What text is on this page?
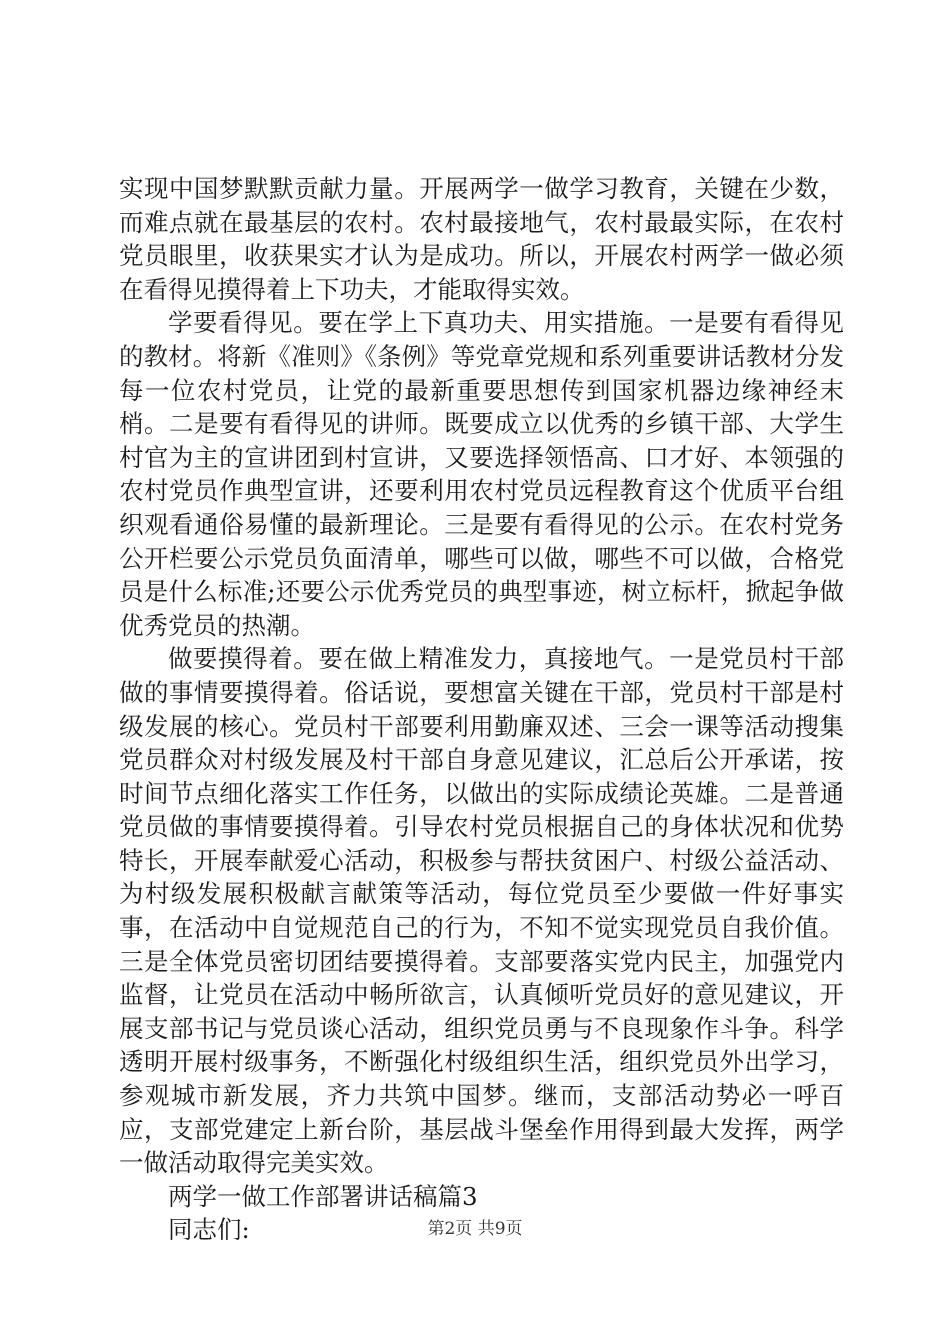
实现中国梦默默贡献力量。开展两学一做学习教育，关键在少数，而难点就在最基层的农村。农村最接地气，农村最最实际，在农村党员眼里，收获果实才认为是成功。所以，开展农村两学一做必须在看得见摸得着上下功夫，才能取得实效。

学要看得见。要在学上下真功夫、用实措施。一是要有看得见的教材。将新《准则》《条例》等党章党规和系列重要讲话教材分发每一位农村党员，让党的最新重要思想传到国家机器边缘神经末梢。二是要有看得见的讲师。既要成立以优秀的乡镇干部、大学生村官为主的宣讲团到村宣讲，又要选择领悟高、口才好、本领强的农村党员作典型宣讲，还要利用农村党员远程教育这个优质平台组织观看通俗易懂的最新理论。三是要有看得见的公示。在农村党务公开栏要公示党员负面清单，哪些可以做，哪些不可以做，合格党员是什么标准;还要公示优秀党员的典型事迹，树立标杆，掀起争做优秀党员的热潮。

做要摸得着。要在做上精准发力，真接地气。一是党员村干部做的事情要摸得着。俗话说，要想富关键在干部，党员村干部是村级发展的核心。党员村干部要利用勤廉双述、三会一课等活动搜集党员群众对村级发展及村干部自身意见建议，汇总后公开承诺，按时间节点细化落实工作任务，以做出的实际成绩论英雄。二是普通党员做的事情要摸得着。引导农村党员根据自己的身体状况和优势特长，开展奉献爱心活动，积极参与帮扶贫困户、村级公益活动、为村级发展积极献言献策等活动，每位党员至少要做一件好事实事，在活动中自觉规范自己的行为，不知不觉实现党员自我价值。三是全体党员密切团结要摸得着。支部要落实党内民主，加强党内监督，让党员在活动中畅所欲言，认真倾听党员好的意见建议，开展支部书记与党员谈心活动，组织党员勇与不良现象作斗争。科学透明开展村级事务，不断强化村级组织生活，组织党员外出学习，参观城市新发展，齐力共筑中国梦。继而，支部活动势必一呼百应，支部党建定上新台阶，基层战斗堡垒作用得到最大发挥，两学一做活动取得完美实效。

两学一做工作部署讲话稿篇3

同志们:	第2页 共9页
